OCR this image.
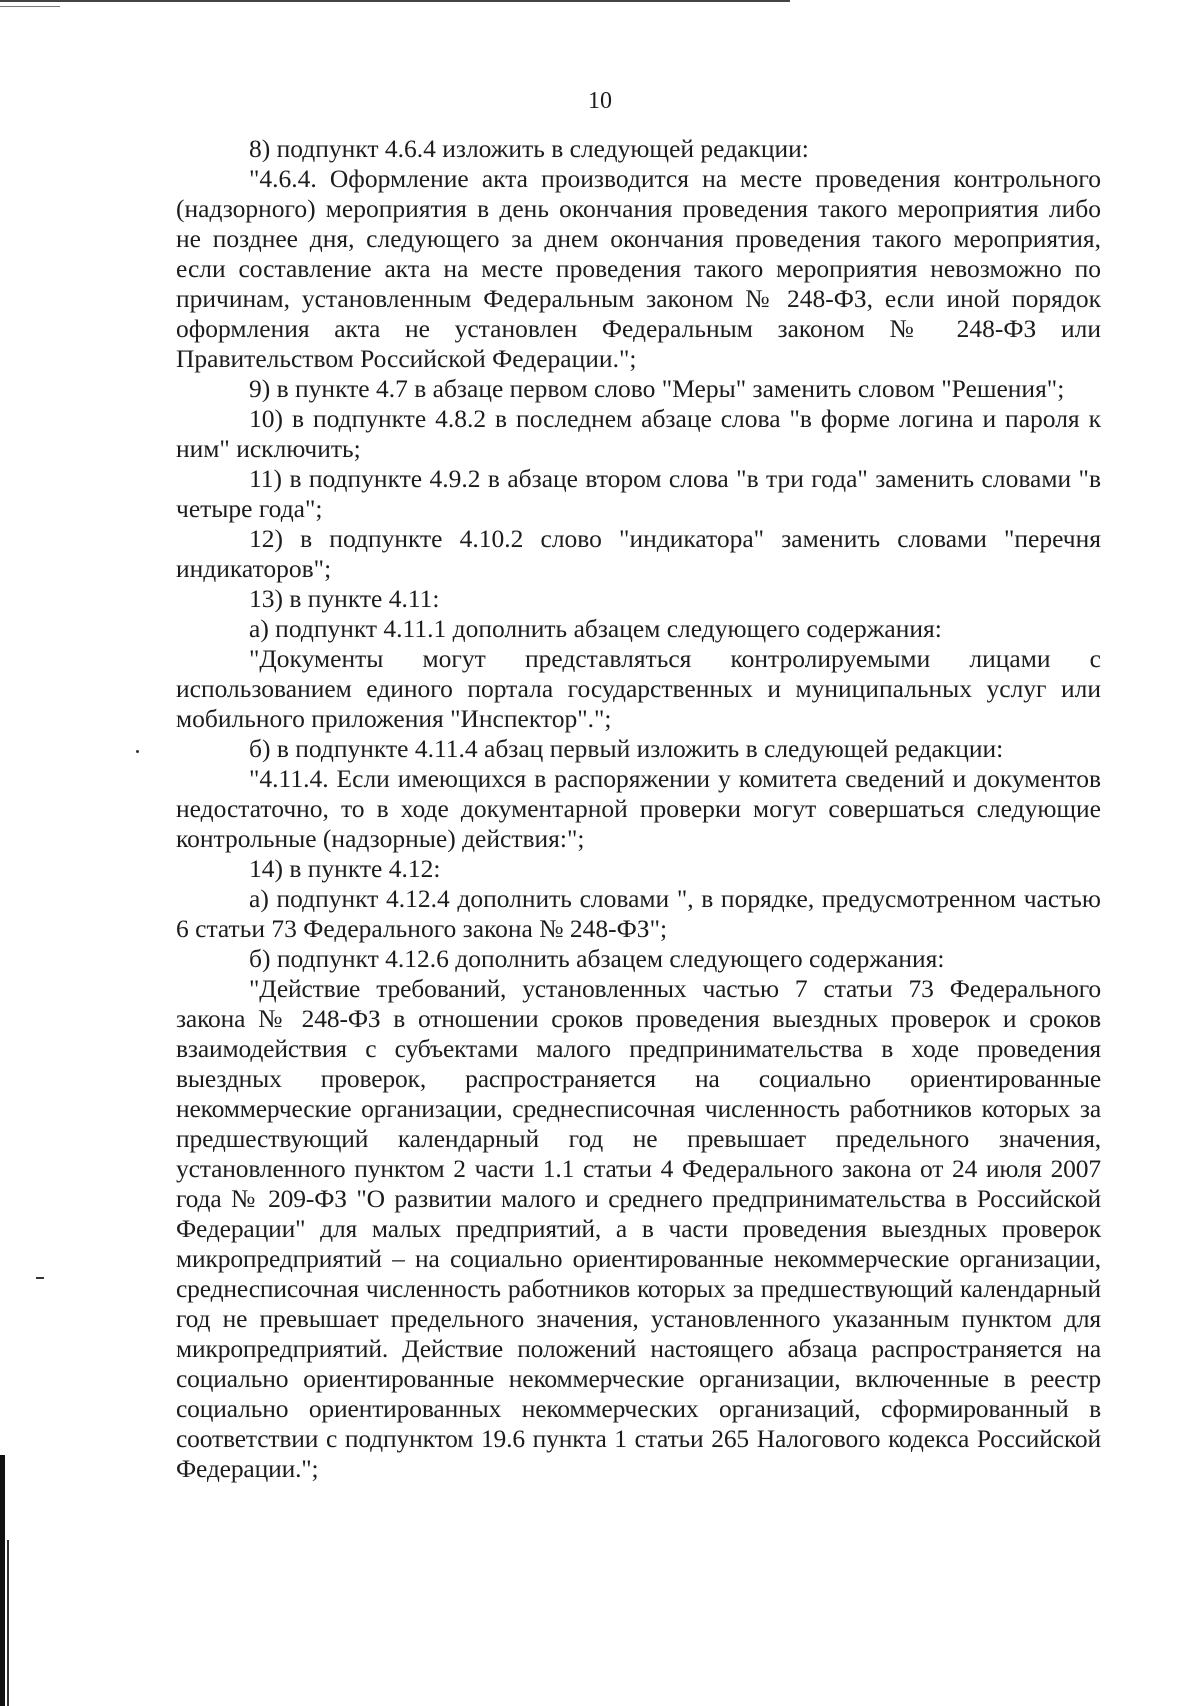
10

8) подпункт 4.6.4 изложить в следующей редакции:

"4.6.4. Оформление акта производится на месте проведения контрольного (надзорного) мероприятия в день окончания проведения такого мероприятия либо не позднее дня, следующего за днем окончания проведения такого мероприятия, если составление акта на месте проведения такого мероприятия невозможно по причинам, установленным Федеральным законом № 248-ФЗ, если иной порядок оформления акта не установлен Федеральным законом № 248-ФЗ или Правительством Российской Федерации.";

9) в пункте 4.7 в абзаце первом слово "Меры" заменить словом "Решения";

10) в подпункте 4.8.2 в последнем абзаце слова "в форме логина и пароля к ним" исключить;

11) в подпункте 4.9.2 в абзаце втором слова "в три года" заменить словами "в четыре года";

12) в подпункте 4.10.2 слово "индикатора" заменить словами "перечня индикаторов";

13) в пункте 4.11:

а) подпункт 4.11.1 дополнить абзацем следующего содержания:

"Документы могут представляться контролируемыми лицами с использованием единого портала государственных и муниципальных услуг или мобильного приложения "Инспектор".";

б) в подпункте 4.11.4 абзац первый изложить в следующей редакции:

"4.11.4. Если имеющихся в распоряжении у комитета сведений и документов недостаточно, то в ходе документарной проверки могут совершаться следующие контрольные (надзорные) действия:";

14) в пункте 4.12:

а) подпункт 4.12.4 дополнить словами ", в порядке, предусмотренном частью 6 статьи 73 Федерального закона № 248-ФЗ";

б) подпункт 4.12.6 дополнить абзацем следующего содержания:

"Действие требований, установленных частью 7 статьи 73 Федерального закона № 248-ФЗ в отношении сроков проведения выездных проверок и сроков взаимодействия с субъектами малого предпринимательства в ходе проведения выездных проверок, распространяется на социально ориентированные некоммерческие организации, среднесписочная численность работников которых за предшествующий календарный год не превышает предельного значения, установленного пунктом 2 части 1.1 статьи 4 Федерального закона от 24 июля 2007 года № 209-ФЗ "О развитии малого и среднего предпринимательства в Российской Федерации" для малых предприятий, а в части проведения выездных проверок микропредприятий – на социально ориентированные некоммерческие организации, среднесписочная численность работников которых за предшествующий календарный год не превышает предельного значения, установленного указанным пунктом для микропредприятий. Действие положений настоящего абзаца распространяется на социально ориентированные некоммерческие организации, включенные в реестр социально ориентированных некоммерческих организаций, сформированный в соответствии с подпунктом 19.6 пункта 1 статьи 265 Налогового кодекса Российской Федерации.";
